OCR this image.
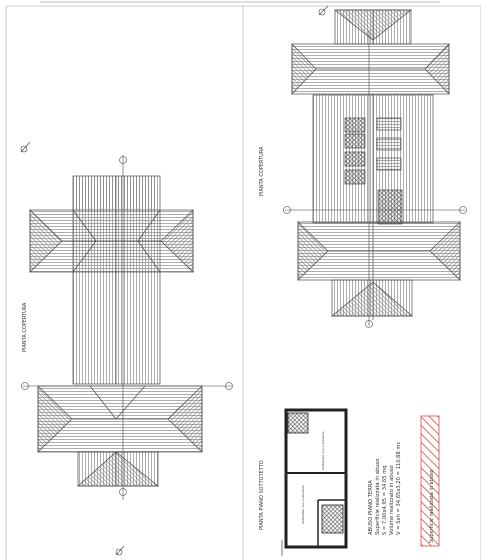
PIANTA COPERTURA
PIANTA COPERTURA
PIANTA PIANO SOTTOTETTO
Sottotetto non praticabile
Sottotetto non praticabile	ABUSO PIANO TERRA Superficie realizzata in abuso S = 7,00x4,95 = 34,65 mq Volume realizzato in abuso V = Sxh = 34,65x3,20 = 110,88 mc	Superficie realizzata in abuso
